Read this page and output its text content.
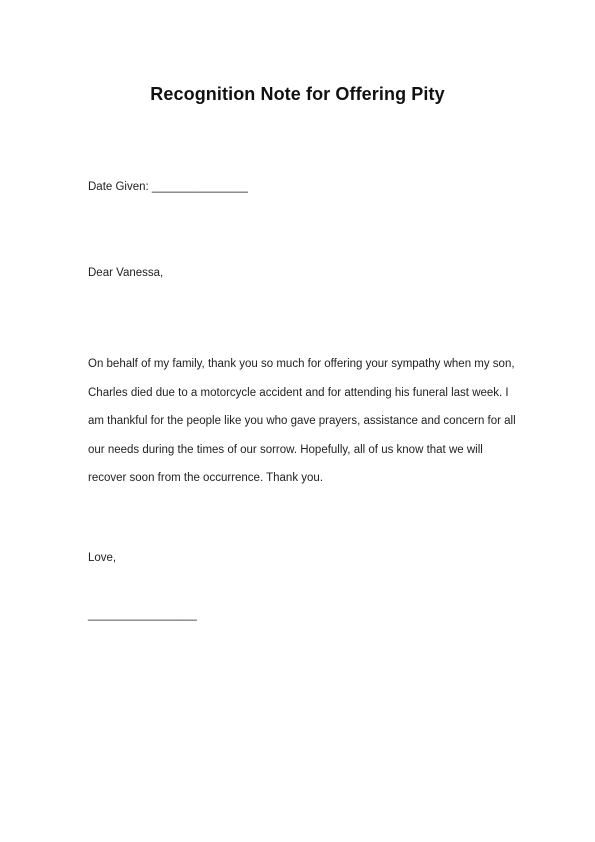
Recognition Note for Offering Pity
Date Given: _______________
Dear Vanessa,

On behalf of my family, thank you so much for offering your sympathy when my son, Charles died due to a motorcycle accident and for attending his funeral last week. I am thankful for the people like you who gave prayers, assistance and concern for all our needs during the times of our sorrow. Hopefully, all of us know that we will recover soon from the occurrence. Thank you.

Love,
_________________
